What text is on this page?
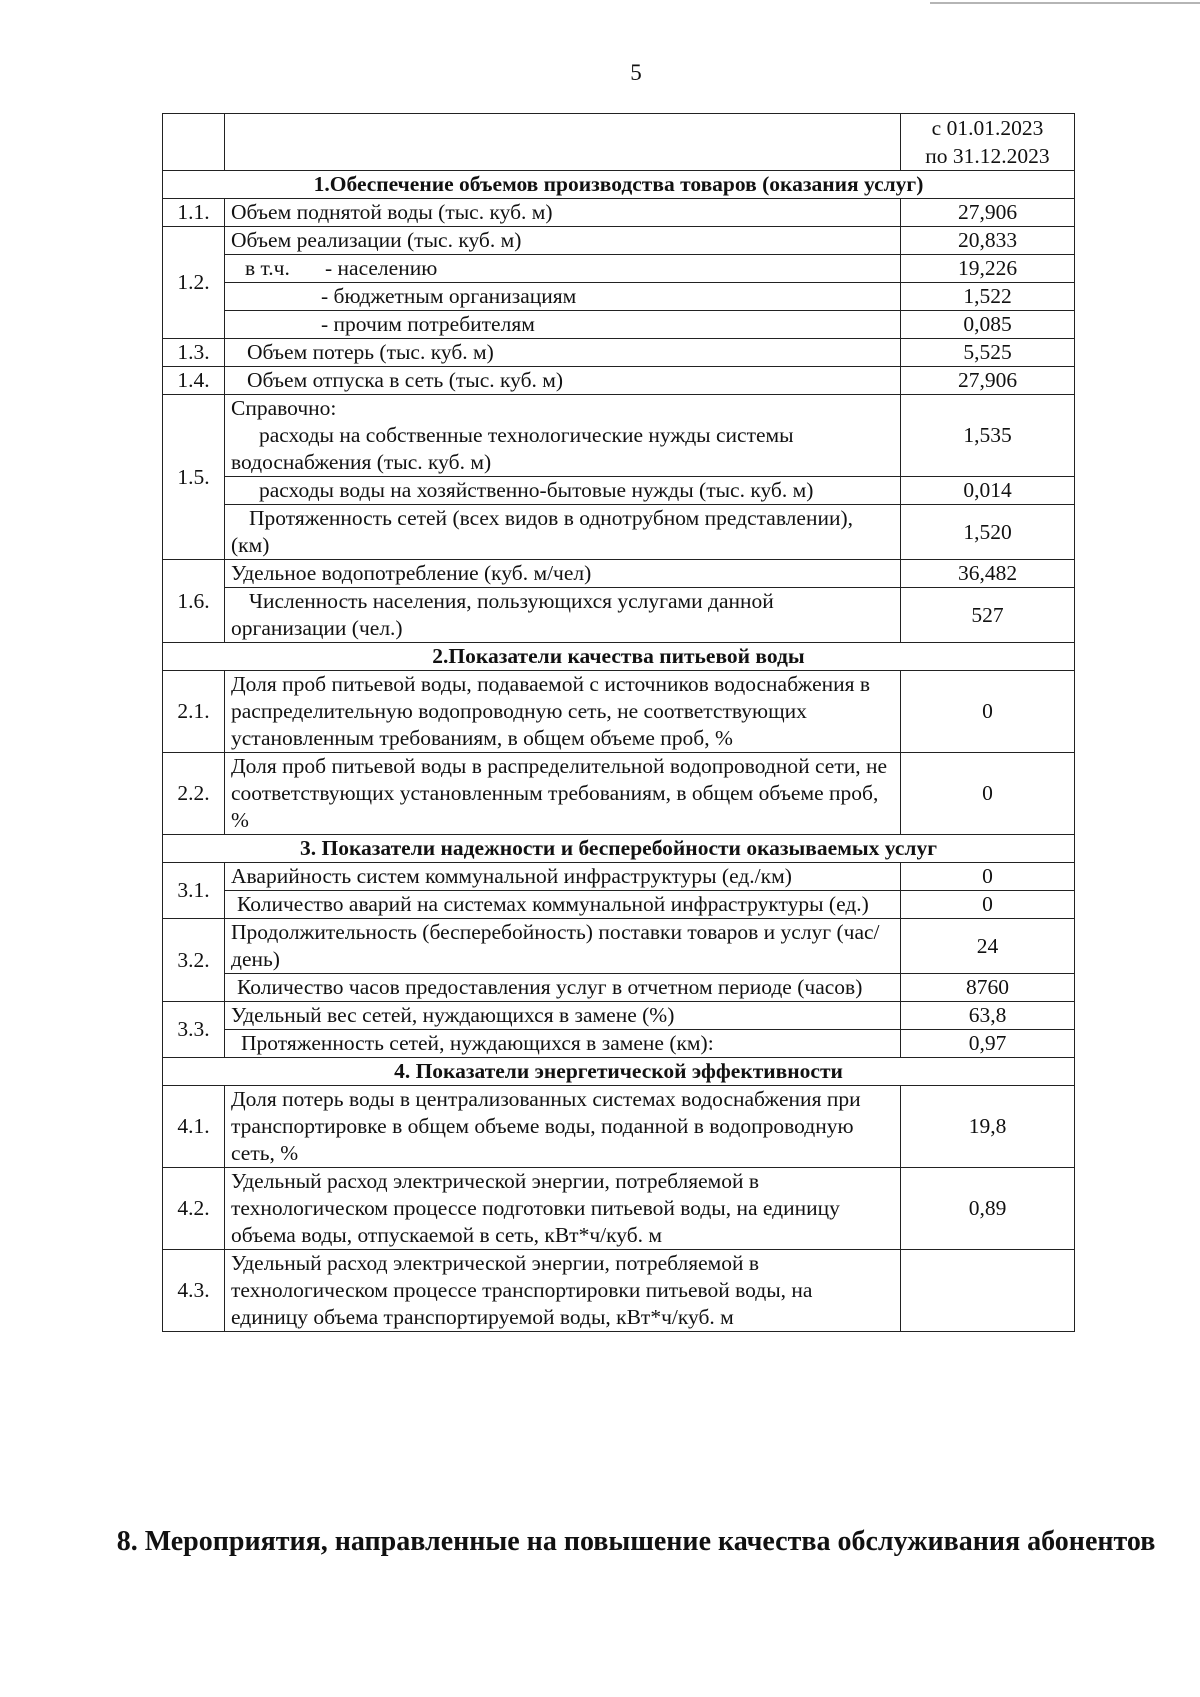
5
		с 01.01.2023
по 31.12.2023
1.Обеспечение объемов производства товаров (оказания услуг)		
1.1.	Объем поднятой воды (тыс. куб. м)	27,906
1.2.	Объем реализации (тыс. куб. м)	20,833
	в т.ч. - населению	19,226
	- бюджетным организациям	1,522
	- прочим потребителям	0,085
1.3.	Объем потерь (тыс. куб. м)	5,525
1.4.	Объем отпуска в сеть (тыс. куб. м)	27,906
1.5.	Справочно:
расходы на собственные технологические нужды системы водоснабжения (тыс. куб. м)	1,535

	расходы воды на хозяйственно-бытовые нужды (тыс. куб. м)	0,014

	Протяженность сетей (всех видов в однотрубном представлении), (км)	1,520
1.6.	Удельное водопотребление (куб. м/чел)	36,482

	Численность населения, пользующихся услугами данной организации (чел.)	527
2.Показатели качества питьевой воды		
2.1.	Доля проб питьевой воды, подаваемой с источников водоснабжения в распределительную водопроводную сеть, не соответствующих установленным требованиям, в общем объеме проб, %	0
2.2.	Доля проб питьевой воды в распределительной водопроводной сети, не соответствующих установленным требованиям, в общем объеме проб, %	0
3. Показатели надежности и бесперебойности оказываемых услуг		
3.1.	Аварийность систем коммунальной инфраструктуры (ед./км)	0

	Количество аварий на системах коммунальной инфраструктуры (ед.)	0
3.2.	Продолжительность (бесперебойность) поставки товаров и услуг (час/день)	24

	Количество часов предоставления услуг в отчетном периоде (часов)	8760
3.3.	Удельный вес сетей, нуждающихся в замене (%)	63,8
	Протяженность сетей, нуждающихся в замене (км):	0,97
4. Показатели энергетической эффективности		
4.1.	Доля потерь воды в централизованных системах водоснабжения при транспортировке в общем объеме воды, поданной в водопроводную сеть, %	19,8
4.2.	Удельный расход электрической энергии, потребляемой в технологическом процессе подготовки питьевой воды, на единицу объема воды, отпускаемой в сеть, кВт*ч/куб. м	0,89
4.3.	Удельный расход электрической энергии, потребляемой в технологическом процессе транспортировки питьевой воды, на единицу объема транспортируемой воды, кВт*ч/куб. м	
8. Мероприятия, направленные на повышение качества обслуживания абонентов
